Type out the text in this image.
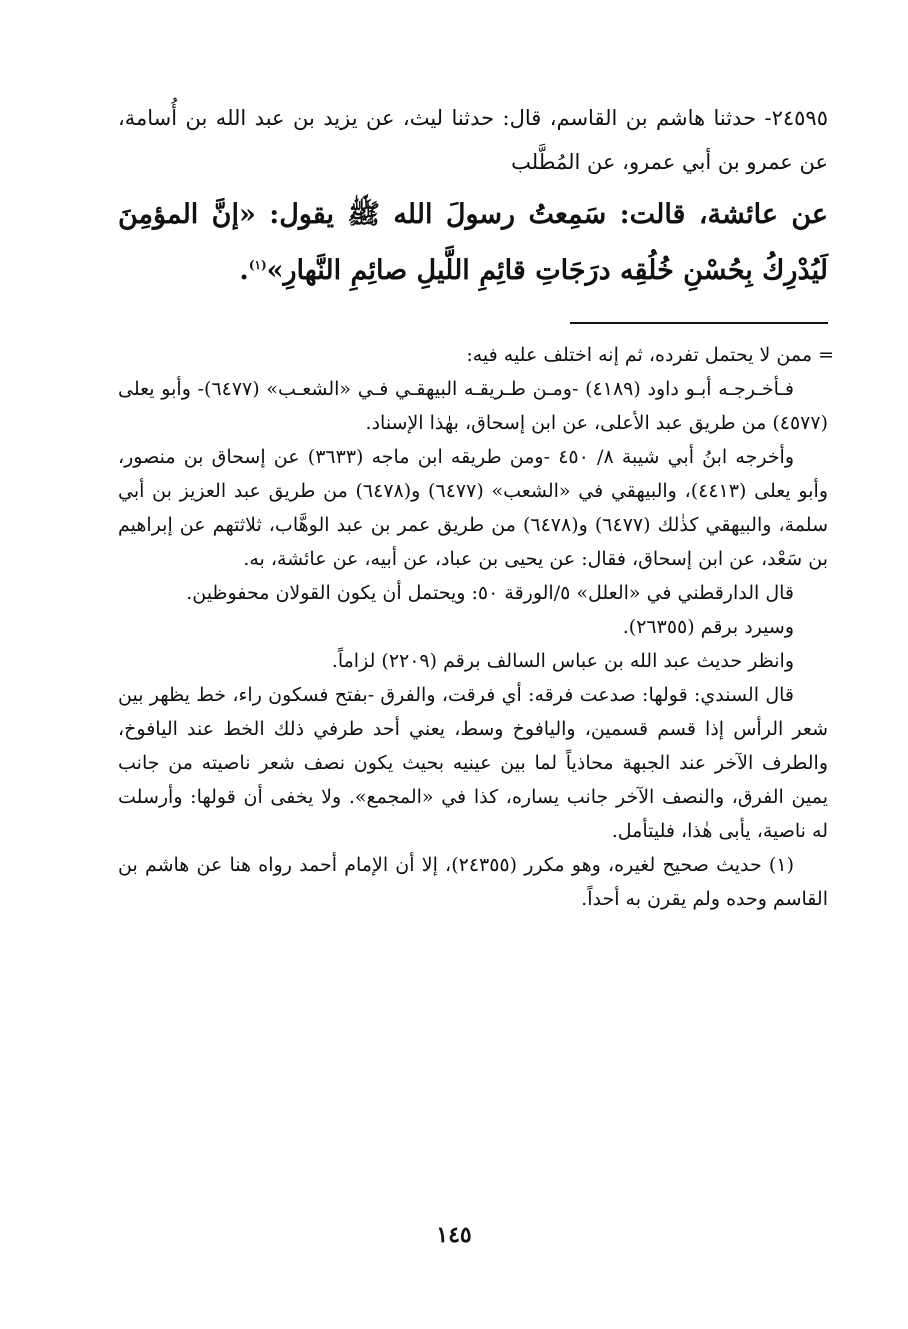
٢٤٥٩٥- حدثنا هاشم بن القاسم، قال: حدثنا ليث، عن يزيد بن عبد الله بن أُسامة، عن عمرو بن أبي عمرو، عن المُطَّلب

عن عائشة، قالت: سَمِعتُ رسولَ الله ﷺ يقول: «إنَّ المؤمِنَ لَيُدْرِكُ بِحُسْنِ خُلُقِه درَجَاتِ قائِمِ اللَّيلِ صائِمِ النَّهارِ»$^{(١)}$.

= ممن لا يحتمل تفرده، ثم إنه اختلف عليه فيه:

فـأخـرجـه أبـو داود (٤١٨٩) -ومـن طـريقـه البيهقـي فـي «الشعـب» (٦٤٧٧)- وأبو يعلى (٤٥٧٧) من طريق عبد الأعلى، عن ابن إسحاق، بهٰذا الإسناد.

وأخرجه ابنُ أبي شيبة ٨/ ٤٥٠ -ومن طريقه ابن ماجه (٣٦٣٣) عن إسحاق بن منصور، وأبو يعلى (٤٤١٣)، والبيهقي في «الشعب» (٦٤٧٧) و(٦٤٧٨) من طريق عبد العزيز بن أبي سلمة، والبيهقي كذٰلك (٦٤٧٧) و(٦٤٧٨) من طريق عمر بن عبد الوهَّاب، ثلاثتهم عن إبراهيم بن سَعْد، عن ابن إسحاق، فقال: عن يحيى بن عباد، عن أبيه، عن عائشة، به.

قال الدارقطني في «العلل» ٥/الورقة ٥٠: ويحتمل أن يكون القولان محفوظين.

وسيرد برقم (٢٦٣٥٥).

وانظر حديث عبد الله بن عباس السالف برقم (٢٢٠٩) لزاماً.

قال السندي: قولها: صدعت فرقه: أي فرقت، والفرق -بفتح فسكون راء، خط يظهر بين شعر الرأس إذا قسم قسمين، واليافوخ وسط، يعني أحد طرفي ذلك الخط عند اليافوخ، والطرف الآخر عند الجبهة محاذياً لما بين عينيه بحيث يكون نصف شعر ناصيته من جانب يمين الفرق، والنصف الآخر جانب يساره، كذا في «المجمع». ولا يخفى أن قولها: وأرسلت له ناصية، يأبى هٰذا، فليتأمل.

(١) حديث صحيح لغيره، وهو مكرر (٢٤٣٥٥)، إلا أن الإمام أحمد رواه هنا عن هاشم بن القاسم وحده ولم يقرن به أحداً.

١٤٥
